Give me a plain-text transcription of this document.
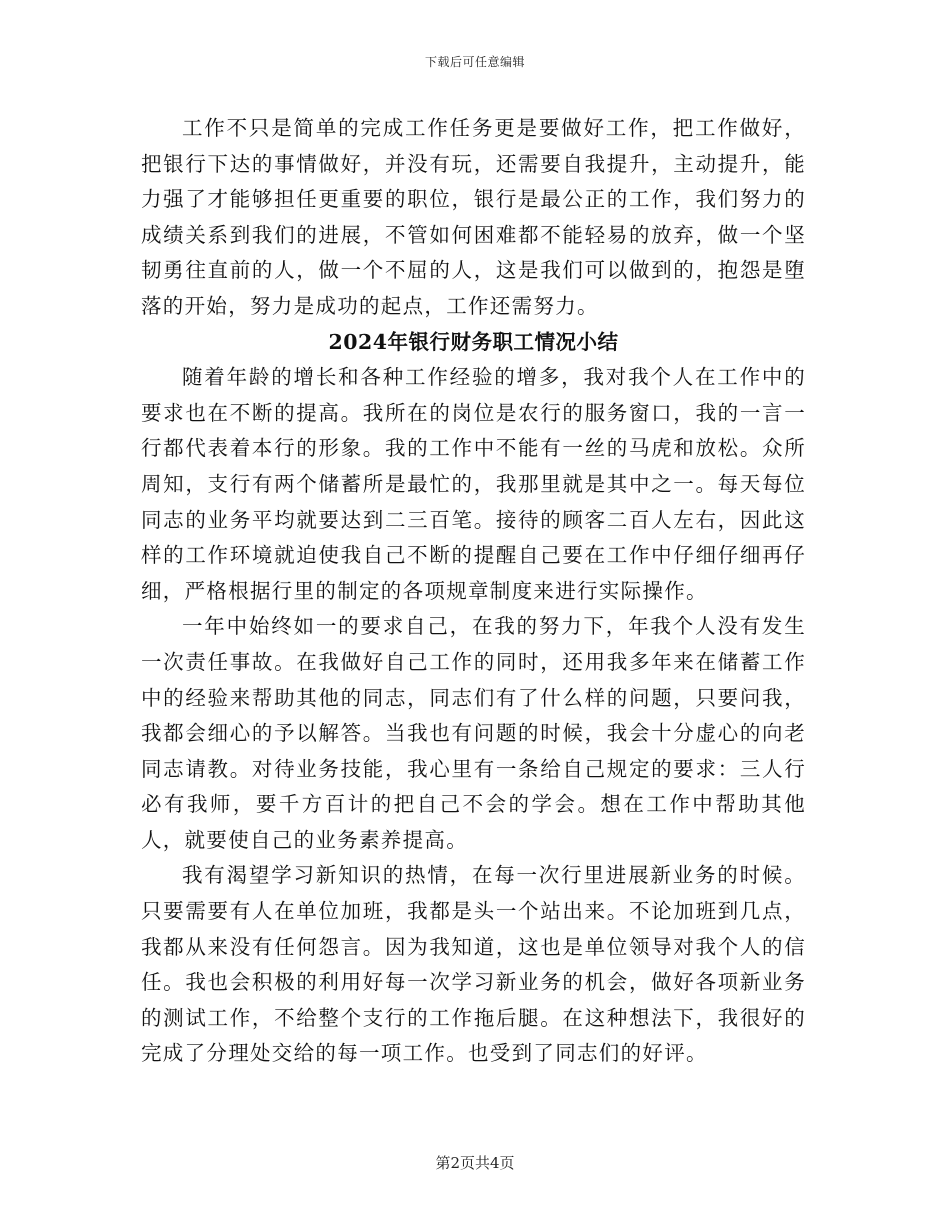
下载后可任意编辑

工作不只是简单的完成工作任务更是要做好工作，把工作做好，把银行下达的事情做好，并没有玩，还需要自我提升，主动提升，能力强了才能够担任更重要的职位，银行是最公正的工作，我们努力的成绩关系到我们的进展，不管如何困难都不能轻易的放弃，做一个坚韧勇往直前的人，做一个不屈的人，这是我们可以做到的，抱怨是堕落的开始，努力是成功的起点，工作还需努力。

2024年银行财务职工情况小结

随着年龄的增长和各种工作经验的增多，我对我个人在工作中的要求也在不断的提高。我所在的岗位是农行的服务窗口，我的一言一行都代表着本行的形象。我的工作中不能有一丝的马虎和放松。众所周知，支行有两个储蓄所是最忙的，我那里就是其中之一。每天每位同志的业务平均就要达到二三百笔。接待的顾客二百人左右，因此这样的工作环境就迫使我自己不断的提醒自己要在工作中仔细仔细再仔细，严格根据行里的制定的各项规章制度来进行实际操作。

一年中始终如一的要求自己，在我的努力下，年我个人没有发生一次责任事故。在我做好自己工作的同时，还用我多年来在储蓄工作中的经验来帮助其他的同志，同志们有了什么样的问题，只要问我，我都会细心的予以解答。当我也有问题的时候，我会十分虚心的向老同志请教。对待业务技能，我心里有一条给自己规定的要求：三人行必有我师，要千方百计的把自己不会的学会。想在工作中帮助其他人，就要使自己的业务素养提高。

我有渴望学习新知识的热情，在每一次行里进展新业务的时候。只要需要有人在单位加班，我都是头一个站出来。不论加班到几点，我都从来没有任何怨言。因为我知道，这也是单位领导对我个人的信任。我也会积极的利用好每一次学习新业务的机会，做好各项新业务的测试工作，不给整个支行的工作拖后腿。在这种想法下，我很好的完成了分理处交给的每一项工作。也受到了同志们的好评。

第2页共4页
